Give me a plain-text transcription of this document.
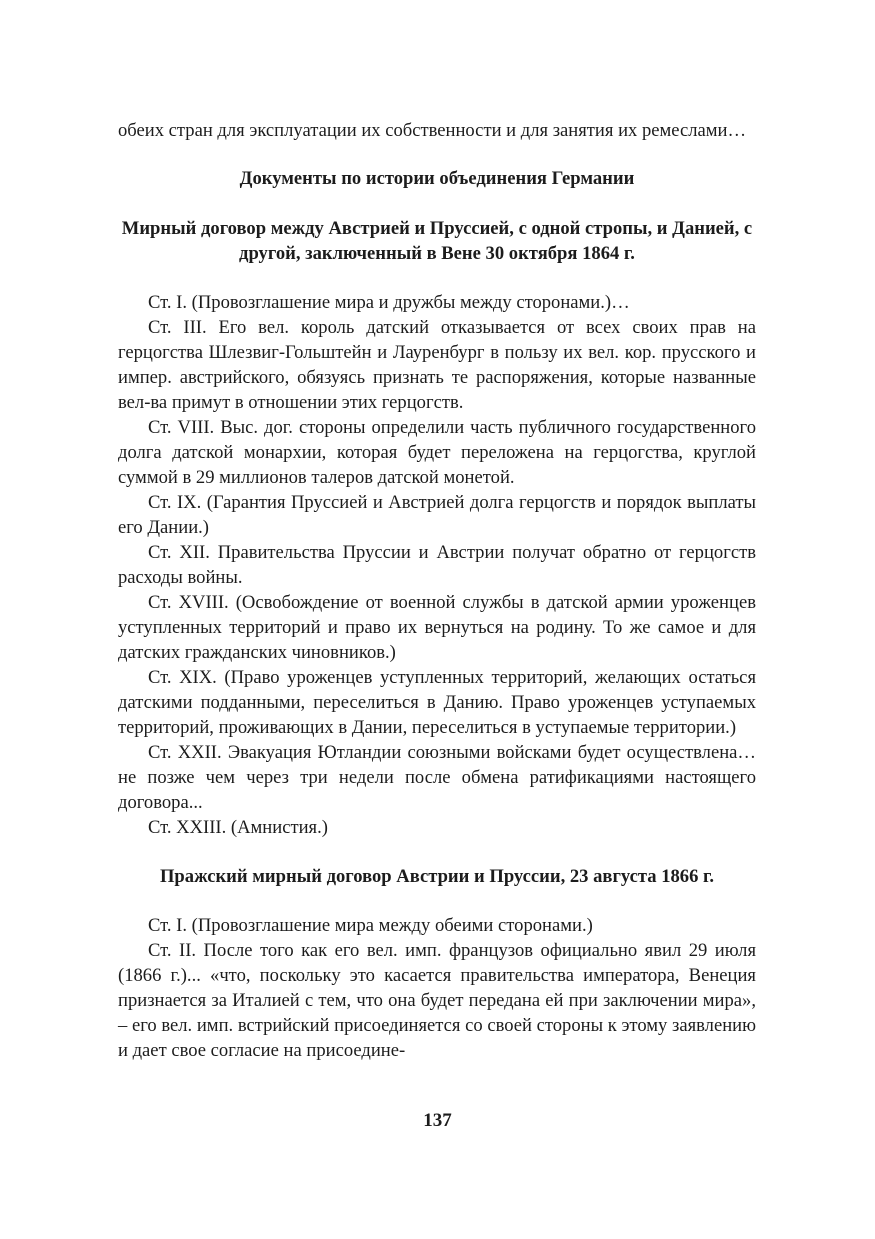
обеих стран для эксплуатации их собственности и для занятия их ремеслами…

Документы по истории объединения Германии

Мирный договор между Австрией и Пруссией, с одной стропы, и Данией, с другой, заключенный в Вене 30 октября 1864 г.

Ст. I. (Провозглашение мира и дружбы между сторонами.)…

Ст. III. Его вел. король датский отказывается от всех своих прав на герцогства Шлезвиг-Гольштейн и Лауренбург в пользу их вел. кор. прусского и импер. австрийского, обязуясь признать те распоряжения, которые названные вел-ва примут в отношении этих герцогств.

Ст. VIII. Выс. дог. стороны определили часть публичного государственного долга датской монархии, которая будет переложена на герцогства, круглой суммой в 29 миллионов талеров датской монетой.

Ст. IX. (Гарантия Пруссией и Австрией долга герцогств и порядок выплаты его Дании.)

Ст. XII. Правительства Пруссии и Австрии получат обратно от герцогств расходы войны.

Ст. XVIII. (Освобождение от военной службы в датской армии уроженцев уступленных территорий и право их вернуться на родину. То же самое и для датских гражданских чиновников.)

Ст. XIX. (Право уроженцев уступленных территорий, желающих остаться датскими подданными, переселиться в Данию. Право уроженцев уступаемых территорий, проживающих в Дании, переселиться в уступаемые территории.)

Ст. XXII. Эвакуация Ютландии союзными войсками будет осуществлена… не позже чем через три недели после обмена ратификациями настоящего договора...

Ст. XXIII. (Амнистия.)

Пражский мирный договор Австрии и Пруссии, 23 августа 1866 г.

Ст. I. (Провозглашение мира между обеими сторонами.)

Ст. II. После того как его вел. имп. французов официально явил 29 июля (1866 г.)... «что, поскольку это касается правительства императора, Венеция признается за Италией с тем, что она будет передана ей при заключении мира», – его вел. имп. встрийский присоединяется со своей стороны к этому заявлению и дает свое согласие на присоедине-

137
